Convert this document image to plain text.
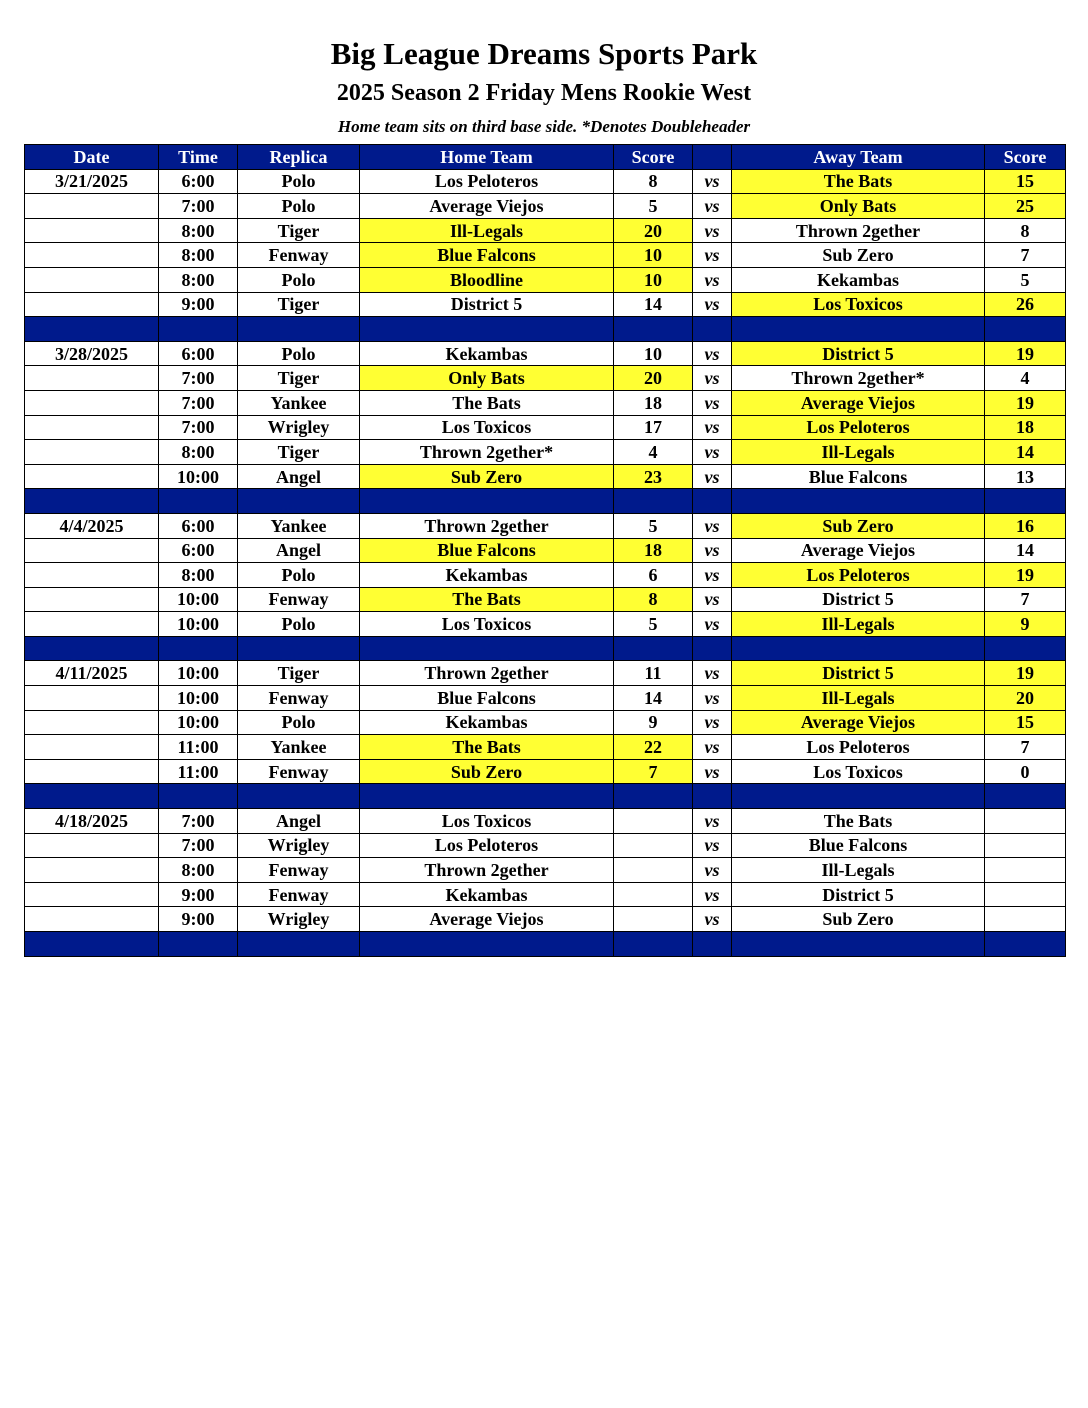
Big League Dreams Sports Park
2025 Season 2 Friday Mens Rookie West
Home team sits on third base side. *Denotes Doubleheader
Date	Time	Replica	Home Team	Score		Away Team	Score
3/21/2025	6:00	Polo	Los Peloteros	8	vs	The Bats	15
	7:00	Polo	Average Viejos	5	vs	Only Bats	25
	8:00	Tiger	Ill-Legals	20	vs	Thrown 2gether	8
	8:00	Fenway	Blue Falcons	10	vs	Sub Zero	7
	8:00	Polo	Bloodline	10	vs	Kekambas	5
	9:00	Tiger	District 5	14	vs	Los Toxicos	26

3/28/2025	6:00	Polo	Kekambas	10	vs	District 5	19
	7:00	Tiger	Only Bats	20	vs	Thrown 2gether*	4
	7:00	Yankee	The Bats	18	vs	Average Viejos	19
	7:00	Wrigley	Los Toxicos	17	vs	Los Peloteros	18
	8:00	Tiger	Thrown 2gether*	4	vs	Ill-Legals	14
	10:00	Angel	Sub Zero	23	vs	Blue Falcons	13

4/4/2025	6:00	Yankee	Thrown 2gether	5	vs	Sub Zero	16
	6:00	Angel	Blue Falcons	18	vs	Average Viejos	14
	8:00	Polo	Kekambas	6	vs	Los Peloteros	19
	10:00	Fenway	The Bats	8	vs	District 5	7
	10:00	Polo	Los Toxicos	5	vs	Ill-Legals	9

4/11/2025	10:00	Tiger	Thrown 2gether	11	vs	District 5	19
	10:00	Fenway	Blue Falcons	14	vs	Ill-Legals	20
	10:00	Polo	Kekambas	9	vs	Average Viejos	15
	11:00	Yankee	The Bats	22	vs	Los Peloteros	7
	11:00	Fenway	Sub Zero	7	vs	Los Toxicos	0

4/18/2025	7:00	Angel	Los Toxicos		vs	The Bats	
	7:00	Wrigley	Los Peloteros		vs	Blue Falcons	
	8:00	Fenway	Thrown 2gether		vs	Ill-Legals	
	9:00	Fenway	Kekambas		vs	District 5	
	9:00	Wrigley	Average Viejos		vs	Sub Zero	
